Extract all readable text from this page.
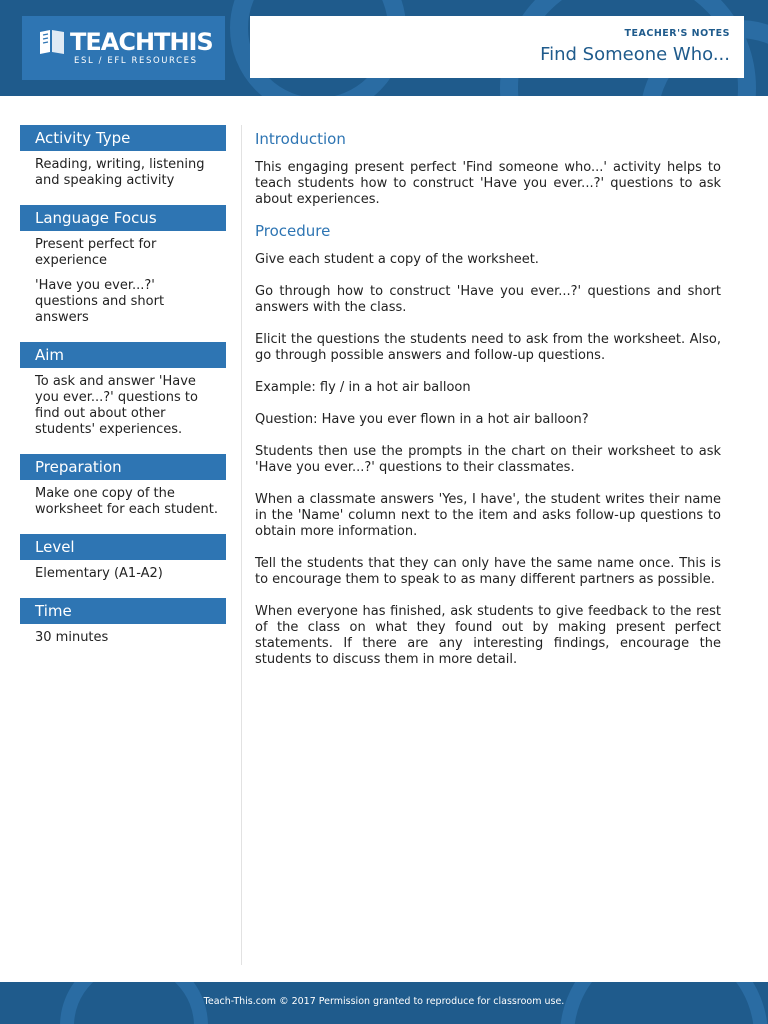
TEACHTHIS
ESL / EFL RESOURCES
TEACHER'S NOTES
Find Someone Who...
Activity Type

Reading, writing, listening and speaking activity

Language Focus

Present perfect for experience

'Have you ever...?' questions and short answers

Aim

To ask and answer 'Have you ever...?' questions to find out about other students' experiences.

Preparation

Make one copy of the worksheet for each student.

Level

Elementary (A1-A2)

Time

30 minutes

Introduction

This engaging present perfect 'Find someone who...' activity helps to teach students how to construct 'Have you ever...?' questions to ask about experiences.

Procedure

Give each student a copy of the worksheet.

Go through how to construct 'Have you ever...?' questions and short answers with the class.

Elicit the questions the students need to ask from the worksheet. Also, go through possible answers and follow-up questions.

Example: fly / in a hot air balloon

Question: Have you ever flown in a hot air balloon?

Students then use the prompts in the chart on their worksheet to ask 'Have you ever...?' questions to their classmates.

When a classmate answers 'Yes, I have', the student writes their name in the 'Name' column next to the item and asks follow-up questions to obtain more information.

Tell the students that they can only have the same name once. This is to encourage them to speak to as many different partners as possible.

When everyone has finished, ask students to give feedback to the rest of the class on what they found out by making present perfect statements. If there are any interesting findings, encourage the students to discuss them in more detail.

Teach-This.com © 2017 Permission granted to reproduce for classroom use.
